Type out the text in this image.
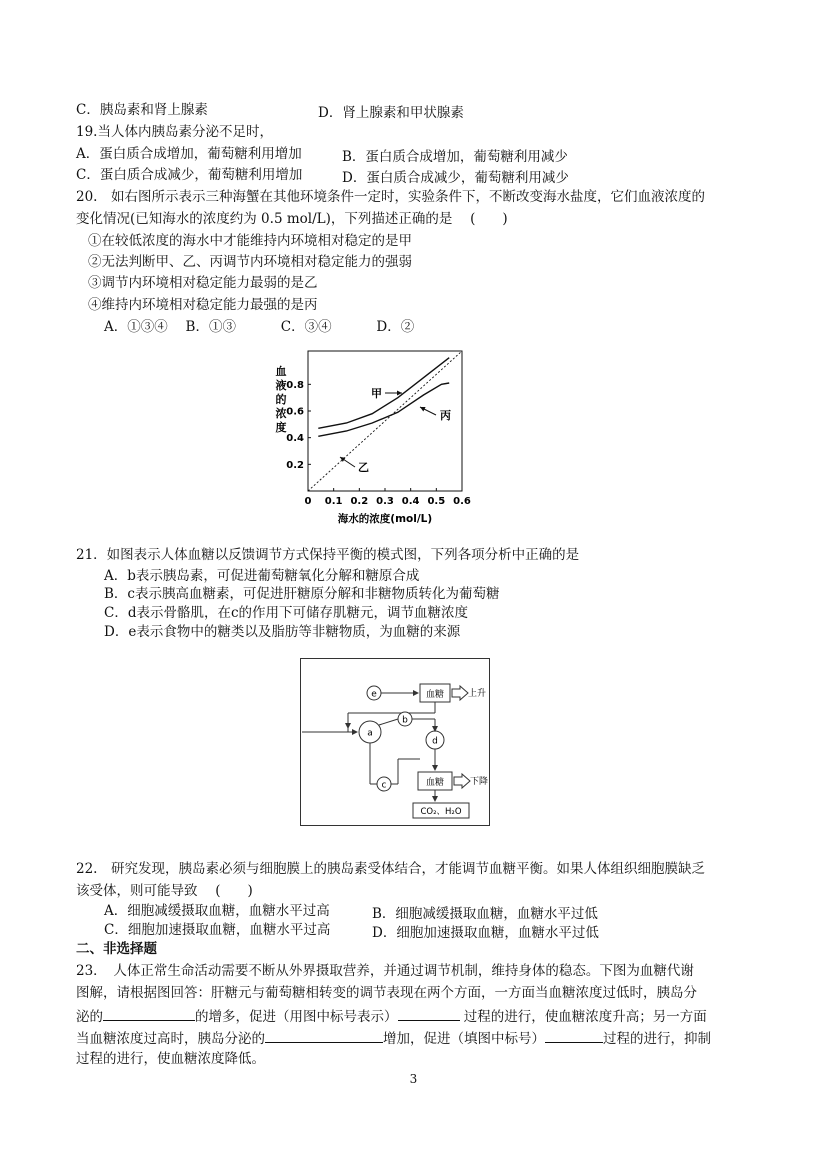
C．胰岛素和肾上腺素	D．肾上腺素和甲状腺素
19.当人体内胰岛素分泌不足时，
A．蛋白质合成增加，葡萄糖利用增加	B．蛋白质合成增加，葡萄糖利用减少
C．蛋白质合成减少，葡萄糖利用增加	D．蛋白质合成减少，葡萄糖利用减少
20.　如右图所示表示三种海蟹在其他环境条件一定时，实验条件下，不断改变海水盐度，它们血液浓度的
变化情况(已知海水的浓度约为 0.5 mol/L)，下列描述正确的是 　(　　)
①在较低浓度的海水中才能维持内环境相对稳定的是甲
②无法判断甲、乙、丙调节内环境相对稳定能力的强弱
③调节内环境相对稳定能力最弱的是乙
④维持内环境相对稳定能力最强的是丙
A．①③④　 B．①③　　　 C．③④　　　 D．②
血
液
的
浓
度
0.2
0.4
0.6
0.8
0 0.1 0.2 0.3 0.4 0.5 0.6
甲
丙
乙
海水的浓度(mol/L)
21．如图表示人体血糖以反馈调节方式保持平衡的模式图，下列各项分析中正确的是
A．b表示胰岛素，可促进葡萄糖氧化分解和糖原合成
B．c表示胰高血糖素，可促进肝糖原分解和非糖物质转化为葡萄糖
C．d表示骨骼肌，在c的作用下可储存肌糖元，调节血糖浓度
D．e表示食物中的糖类以及脂肪等非糖物质，为血糖的来源
e	血糖	上升
a
b
d
c	血糖	下降
CO₂、H₂O
22.　研究发现，胰岛素必须与细胞膜上的胰岛素受体结合，才能调节血糖平衡。如果人体组织细胞膜缺乏
该受体，则可能导致 　(　　)
A．细胞减缓摄取血糖，血糖水平过高	B．细胞减缓摄取血糖，血糖水平过低
C．细胞加速摄取血糖，血糖水平过高	D．细胞加速摄取血糖，血糖水平过低
二、非选择题
23．　人体正常生命活动需要不断从外界摄取营养，并通过调节机制，维持身体的稳态。下图为血糖代谢
图解，请根据图回答：肝糖元与葡萄糖相转变的调节表现在两个方面，一方面当血糖浓度过低时，胰岛分
泌的	的增多，促进（用图中标号表示）	过程的进行，使血糖浓度升高；另一方面
当血糖浓度过高时，胰岛分泌的	增加，促进（填图中标号）	过程的进行，抑制
过程的进行，使血糖浓度降低。
3
